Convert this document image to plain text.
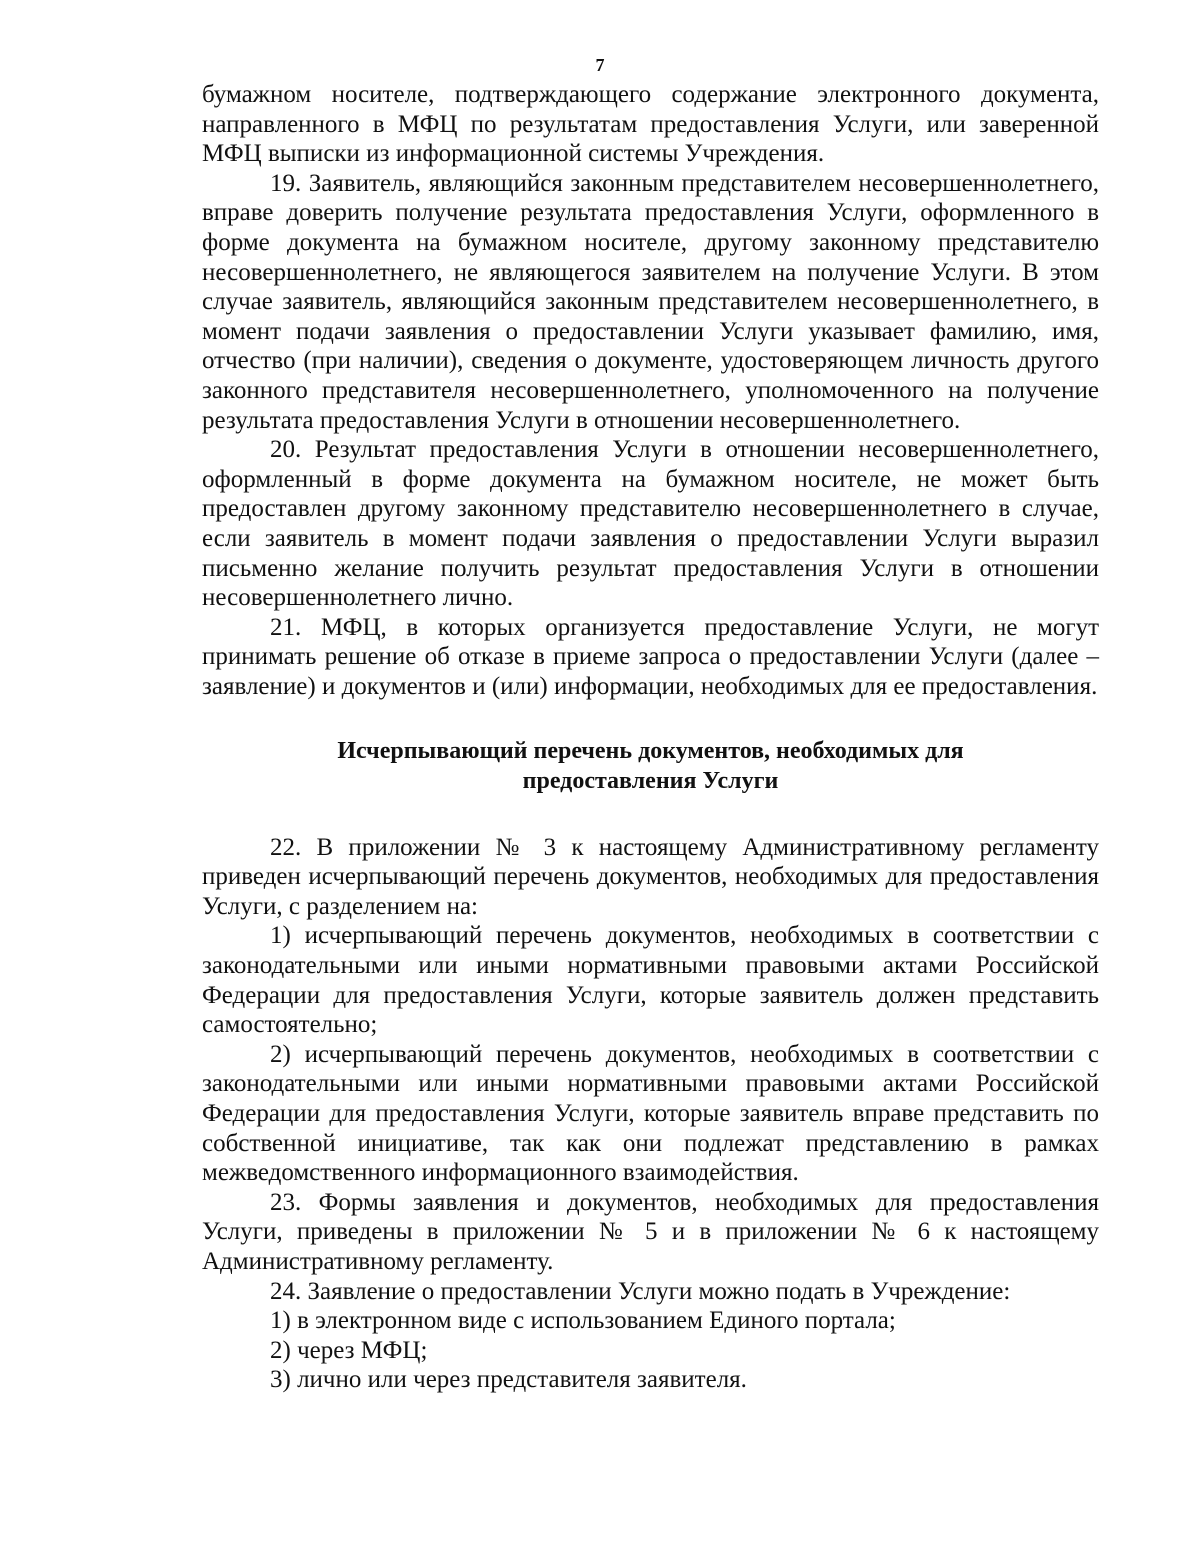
7

бумажном носителе, подтверждающего содержание электронного документа, направленного в МФЦ по результатам предоставления Услуги, или заверенной МФЦ выписки из информационной системы Учреждения.

19. Заявитель, являющийся законным представителем несовершеннолетнего, вправе доверить получение результата предоставления Услуги, оформленного в форме документа на бумажном носителе, другому законному представителю несовершеннолетнего, не являющегося заявителем на получение Услуги. В этом случае заявитель, являющийся законным представителем несовершеннолетнего, в момент подачи заявления о предоставлении Услуги указывает фамилию, имя, отчество (при наличии), сведения о документе, удостоверяющем личность другого законного представителя несовершеннолетнего, уполномоченного на получение результата предоставления Услуги в отношении несовершеннолетнего.

20. Результат предоставления Услуги в отношении несовершеннолетнего, оформленный в форме документа на бумажном носителе, не может быть предоставлен другому законному представителю несовершеннолетнего в случае, если заявитель в момент подачи заявления о предоставлении Услуги выразил письменно желание получить результат предоставления Услуги в отношении несовершеннолетнего лично.

21. МФЦ, в которых организуется предоставление Услуги, не могут принимать решение об отказе в приеме запроса о предоставлении Услуги (далее – заявление) и документов и (или) информации, необходимых для ее предоставления.

Исчерпывающий перечень документов, необходимых для
предоставления Услуги

22. В приложении № 3 к настоящему Административному регламенту приведен исчерпывающий перечень документов, необходимых для предоставления Услуги, с разделением на:

1) исчерпывающий перечень документов, необходимых в соответствии с законодательными или иными нормативными правовыми актами Российской Федерации для предоставления Услуги, которые заявитель должен представить самостоятельно;

2) исчерпывающий перечень документов, необходимых в соответствии с законодательными или иными нормативными правовыми актами Российской Федерации для предоставления Услуги, которые заявитель вправе представить по собственной инициативе, так как они подлежат представлению в рамках межведомственного информационного взаимодействия.

23. Формы заявления и документов, необходимых для предоставления Услуги, приведены в приложении № 5 и в приложении № 6 к настоящему Административному регламенту.

24. Заявление о предоставлении Услуги можно подать в Учреждение:

1) в электронном виде с использованием Единого портала;

2) через МФЦ;

3) лично или через представителя заявителя.
